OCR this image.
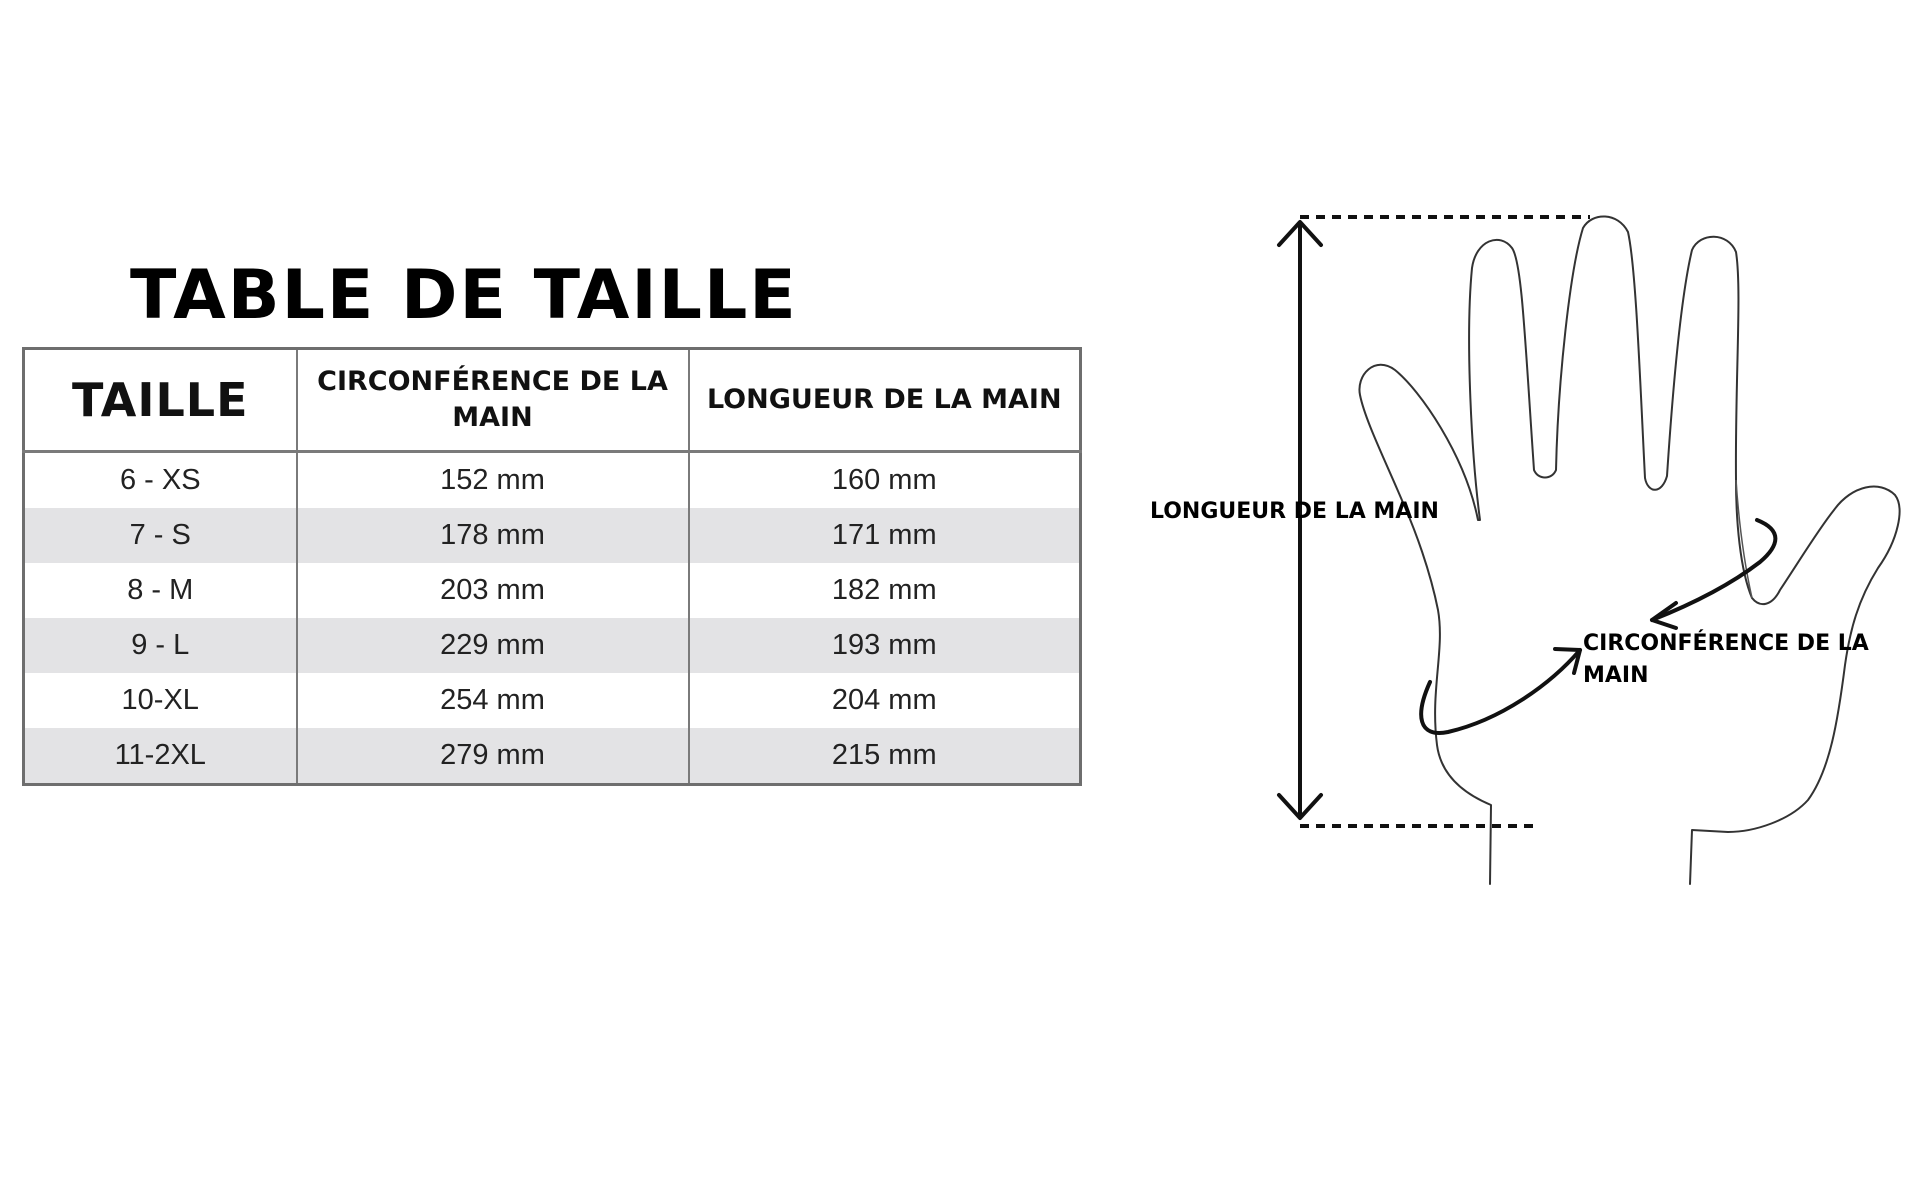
TABLE DE TAILLE
TAILLE	CIRCONFÉRENCE DE LA MAIN	LONGUEUR DE LA MAIN
6 - XS	152 mm	160 mm
7 - S	178 mm	171 mm
8 - M	203 mm	182 mm
9 - L	229 mm	193 mm
10-XL	254 mm	204 mm
11-2XL	279 mm	215 mm
LONGUEUR DE LA MAIN
CIRCONFÉRENCE DE LA MAIN
